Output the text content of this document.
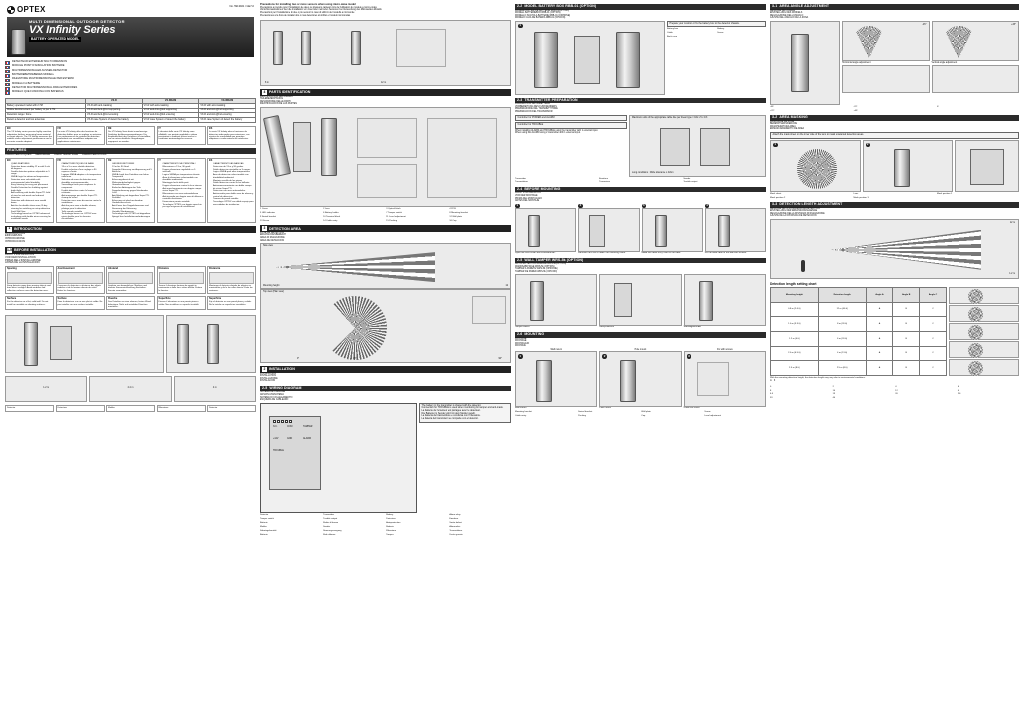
OPTEX	No. 5913921 / GE7-0
MULTI DIMENSIONAL OUTDOOR DETECTOR
VX Infinity Series
BATTERY OPERATED MODEL
DETECTEUR EXTERIEUR MULTI DIMENSION
MODULE POINT D'ANNULATION BATTERIE
MULTIDIMENSIONALER AUSSEN-DETEKTOR
BATTERIEBETRIEBENES MODELL
RILEVATORE MULTIDIMENSIONALE PER ESTERNI
MODELLO A BATTERIE
DETECTOR MULTIDIMENSIONAL PARA EXTERIORES
MODELO QUE FUNCIONA CON BATERIAS
	VX-R	VX-RDAM	VX-IRDAM
Battery operated model with 2.7M	VX-R with anti-masking	VX-R with anti-masking	VX-R with anti-masking
Mobile Reinforcement per battery or per 2.7M	VX-R and Anti-@lnd supporting	VX-R and Anti-@lnd supporting	VX-R and Anti-@lnd supporting
Detection range / Zone	VX-R and Anti-@lnd ensuring	VX-R and Anti-@lnd ensuring	VX-R and Anti-@lnd ensuring
Detect a detector and two antennas	VX-R case System of detect the battery	VX-R case System of detect the battery	VX-R case System of detect the battery
EN
The VX Infinity series passive highly sensitive adaptation furthers measuring beam material or target objects. The VX Infinity measures the outdoor status adjustment performance and is accurate sounds adapted.
FR
La serie VX Infinity offre des fonctions de detection fiables pour un reglage en exterieur. Les performances du systeme de detection permettent une surveillance adaptee aux applications exterieures.
DE
Die VX Infinity Serie bietet zuverlaessige Detektion bei Aussenanwendungen. Die Empfindlichkeit des Detektors ist einstellbar, um an unterschiedliche Umgebungen angepasst zu werden.
IT
I rilevatori della serie VX Infinity sono affidabili, con portata regolabile e ottime prestazioni in ambienti esterni anche in condizioni meteorologiche avverse.
ES
La serie VX Infinity ofrece funciones de deteccion adecuadas para exteriores, con ajustes de sensibilidad que permiten adaptarse a cada entorno de instalacion.
FEATURES
CARACTERISTIQUES MERKMALE CARATTERISTICHE CARACTERISTICAS
EN
• QUAD FEATURES
• Detection beam stability 12 m with 5 m/s tilt degrees
• Double detection pattern adjustable in 5 range
• SMDA Logic for advanced temperature
• Detection area selectable with environmental initial durability
• Easy listening for easy part placement
• Double Detection for shielding against bright light
• Anti-masking with double SuperTTL field of view for anti-mask and reduced detection
• Detection with deterrent area vandal beam
• Anti-fire for double alarm zone, R-day steering for switching on setup detection
• Fault Wall Size
• Technology based on OPTEX advanced technology with double mirror sensing for installation needs
FR
• CARACTERISTIQUES DE BASE
• 13 m x 5 m avec double detection
• Double selection d'une reglage a 90 espaces d'unite
• Logique SMDA adaptee a la temperature exterieure
• Selection de zone de detection avec durabilite environnementale
• Verrouillage facile pour emplacer le composant
• Double detection contre la lumiere eclatante
• Anti-masquage par double SuperTTL champ de vision
• Detection avec zone dissuasive contre le vandalisme
• Anti-feu pour zone a double alarme, pilotage pour la detection
• Taille murale variable
• Technologie basee sur OPTEX avec miroir double pour les besoins d'installation
DE
• GRUNDFUNKTIONEN
• 13 m bis 90 Grad
• Doppelte Erfassung zur Anpassung auf 5 Bereiche
• SMDA-Logik fuer Detektion von hoher Temperatur
• Erfassungsbereich mit Widerstandsfaehigkeit gegen Umwelteinfluesse
• Einfaches Anbringen der Teile
• Doppelerkennung gegen blendendes Licht
• Anti-Masking mit doppeltem SuperTTL Sichtfeld
• Erfassung mit abschreckendem Vandalismusschutz
• Anti-Feuer fuer Doppelalarmzone und Steuerung der Erfassung
• Variable Wandgroesse
• Technologie von OPTEX mit doppeltem Spiegel fuer Installationsanforderungen
IT
• CARATTERISTICHE PRINCIPALI
• Rilevazione a 13 m, 90 gradi
• Doppia rilevazione regolabile su 5 intervalli
• Logica SMDA per temperature elevate
• Area di rilevazione selezionabile con durabilita ambientale
• Montaggio facile delle parti
• Doppia rilevazione contro la luce intensa
• Anti-mascheramento con doppio campo visivo SuperTTL
• Rilevazione con area antivandalismo
• Anti-incendio per doppia zona di allarme e controllo rilevazione
• Dimensione parete variabile
• Tecnologia OPTEX con doppio specchio per ogni esigenza di installazione
ES
• CARACTERISTICAS BASICAS
• Deteccion de 13 m y 90 grados
• Doble deteccion ajustable en 5 rangos
• Logica SMDA para altas temperaturas
• Area de deteccion seleccionable con durabilidad ambiental
• Montaje sencillo de las piezas
• Doble deteccion contra la luz brillante
• Antienmascaramiento con doble campo de vision SuperTTL
• Deteccion con area antivandalica
• Antiincendio para doble zona de alarma y control de deteccion
• Tamano de pared variable
• Tecnologia OPTEX con doble espejo para necesidades de instalacion
1 INTRODUCTION
INTRODUCTION
EINFUHRUNG
INTRODUZIONE
INTRODUCCION
1-5 BEFORE INSTALLATION
AVANT L'INSTALLATION
VOR DER INSTALLATION
PRIMA DELL'INSTALLAZIONE
ANTES DE LA INSTALACION
Spacing
Keep detector away from moving objects and from direct sunlight. Avoid windows and reflective surfaces near the detection area.
Avertissement
Conserver le detecteur a distance des objets mobiles et de la lumiere directe du soleil. Eviter les fenetres.
Abstand
Detektor von beweglichen Objekten und direkter Sonneneinstrahlung fernhalten. Fenster vermeiden.
Distanza
Tenere il rilevatore lontano da oggetti in movimento e dalla luce solare diretta. Evitare le finestre.
Distancia
Mantenga el detector alejado de objetos en movimiento y de la luz solar directa. Evite las ventanas.
Surface
Fix the detector on a flat, solid wall. Do not install on unstable or vibrating surfaces.
Surface
Fixer le detecteur sur un mur plat et solide. Ne pas installer sur une surface instable.
Flaeche
Den Detektor an einer ebenen, festen Wand befestigen. Nicht auf instabilen Flaechen montieren.
Superficie
Fissare il rilevatore su una parete piana e solida. Non installare su superfici instabili.
Superficie
Fije el detector en una pared plana y solida. No lo instale en superficies inestables.
1.2 m	2.4 m	4 m
Detector	Detecteur	Melder	Rilevatore	Detector
Precautions for installing two or more sensors when using micro-wave model
Precautions a prendre pour l'installation de deux ou plusieurs capteurs lors de l'utilisation du modele a micro-ondes
Vorsichtsmassnahmen fuer die Installation von zwei oder mehreren Sensoren bei Verwendung des Mikrowellen-Modells
Precauzioni per l'installazione di due o piu sensori in caso di utilizzo del modello a microonde
Precauciones a la hora de instalar dos o mas detectores al utilizar el modelo microondas
8 m	12 m
4 PARTS IDENTIFICATION
IDENTIFICATION DES PIECES
TEILEBEZEICHNUNG
DESCRIZIONE DELLE PARTI
IDENTIFICACION DE LAS PARTES
1 Cover	2 Lens	3 Optical block	4 PCB
5 LED indicator	6 Battery holder	7 Tamper switch	8 Mounting bracket
9 Swivel bracket	10 Terminal block	11 Level adjustment	12 Wall plate
13 Screw	14 Cable entry	15 Packing	16 Cap
3 DETECTION AREA
ZONE DE DETECTION
ERFASSUNGSBEREICH
AREA DI RILEVAZIONE
AREA DE DETECCION
Side view
Mounting height	12
Top view (Plan view)
0°	45°	90°
2 INSTALLATION
INSTALLATION
INSTALLATION
INSTALLAZIONE
INSTALACION
2-5 WIRING DIAGRAM
SCHEMA DE CABLAGE
ANSCHLUSSSCHEMA
SCHEMA DI COLLEGAMENTO
ESQUEMA DE CABLEADO
N.C.	COM	TAMPER
+12V	GND	ALARM
TROUBLE
The battery in the transmitter is shared with the detector.
Connection for TROUBLE is used when monitoring for tamper and anti-mask.
La batterie de l'emetteur est partagee avec le detecteur.
Die Batterie im Sender wird mit dem Melder geteilt.
La batteria del trasmettitore e condivisa con il rilevatore.
La bateria del transmisor se comparte con el detector.
Detector	Transmitter	Battery	Alarm relay
Tamper switch	Trouble output	Detecteur	Emetteur
Batterie	Relais d'alarme	Autoprotection	Sortie defaut
Melder	Sender	Batterie	Alarmrelais
Sabotagekontakt	Stoerungsausgang	Rilevatore	Trasmettitore
Batteria	Rele allarme	Tamper	Uscita guasto
2-2 MODEL BATTERY BOX RBB-01 (OPTION)
MODELE BOITIER DE BATTERIE RBB-01(OPTION)
MODELL BATTERIEBOX RBB-01 (OPTION)
MODELLO SCATOLA BATTERIE RBB-01 (OPZIONE)
MODELO CAJA DE BATERIA RBB-01 (OPCION)
1
Prepare your monitor or fix the battery box to the detector chassis.
Battery box	Battery
Cable	Screw
Back case
2-3 TRANSMITTER PREPARATION
PREPARATION DE L'EMETTEUR
VORBEREITUNG DES FUNKSENDERS
PREPARAZIONE DEL TRASMETTITORE
PREPARACION DEL TRANSMISOR
Controller for POWER and ALARM
Controller for TROUBLE
When installing ALARM and TROUBLE using the transmitter with 1 external input.
When using the ALARM using 2 transmitter with 1 external input.
Maximum units of the appropriate cable line per linear type = 10k x 5 x 1/3
Long conditions : Wide tolerance x 4ohm
Transmitter	Emetteur	Sender
Trasmettitore	Transmisor	Trouble output
2-4 BEFORE MOUNTING
AVANT L'INSTALLATION
VOR DER MONTAGE
PRIMA DEL MONTAGGIO
ANTES DEL MONTAJE
1
Open the front cover with a screwdriver.
2
Remove the PCB to reach the mounting holes.
3
Make the cable entry hole on the back.
4
Fix the back case to the wall with screws.
2-5 WALL TAMPER WRS-5k (OPTION)
AUTOPROTECTION MURALE WRS-5k(OPTION)
WANDSABOTAGE WRS-5k (OPTION)
TAMPER A PARETE WRS-5k (OPZIONE)
TAMPER DE PARED WRS-5k (OPCION)
Tamper switch	Autoprotection	Sabotagekontakt
2-6 MOUNTING
MONTAGE
MONTAGE
MONTAGGIO
MONTAJE
Wall mount
1
Wall mount
Pole mount
2
Pole mount
Fix with screws
3
Close the cover
Mounting bracket	Swivel bracket	Wall plate	Screw
Cable entry	Packing	Cap	Level adjustment
3-1 AREA ANGLE ADJUSTMENT
REGLAGE DE L'ANGLE
EINSTELLUNG DES WINKELS
REGOLAZIONE DELL'ANGOLO
AJUSTE DEL ANGULO DE LA ZONA
-45°	+45°
Horizontal angle adjustment	Vertical angle adjustment
-45°	-22°	0°
+22°	+45°
3-2 AREA MASKING
MASQUAGE DE ZONE
BEREICHSMASKIERUNG
MASCHERATURA AREA
ENMASCARAMIENTO DE AREA
Attach the mask sheet on the inner side of the lens to mask unwanted detection areas.
1	2
Mask sheet	Lens	Mask position 1
Mask position 2	Mask position 3
3-3 DETECTION LENGTH ADJUSTMENT
REGLAGE DE LA LONGUEUR DE DETECTION
EINSTELLUNG DER ERFASSUNGSLAENGE
REGOLAZIONE DELLA DISTANZA DI RILEVAZIONE
AJUSTE DE LA DISTANCIA DE DETECCION
12 m
1.2 m
Detection length setting chart
Mounting height	Detection length	Angle A	Angle B	Angle C
0.8 m (2.6 ft)	12 m (40 ft)	A	B	C
1.0 m (3.3 ft)	8 m (26 ft)	A	B	C
1.2 m (4 ft)	6 m (20 ft)	A	B	C
2.0 m (6.5 ft)	4 m (13 ft)	A	B	C
2.5 m (8 ft)	2.5 m (8 ft)	A	B	C
With the mounting detection height, the detection length may vary due to environmental conditions.
m ft
0	2	4	6
8	10	12	0
6.5	13	20	26
33	40
